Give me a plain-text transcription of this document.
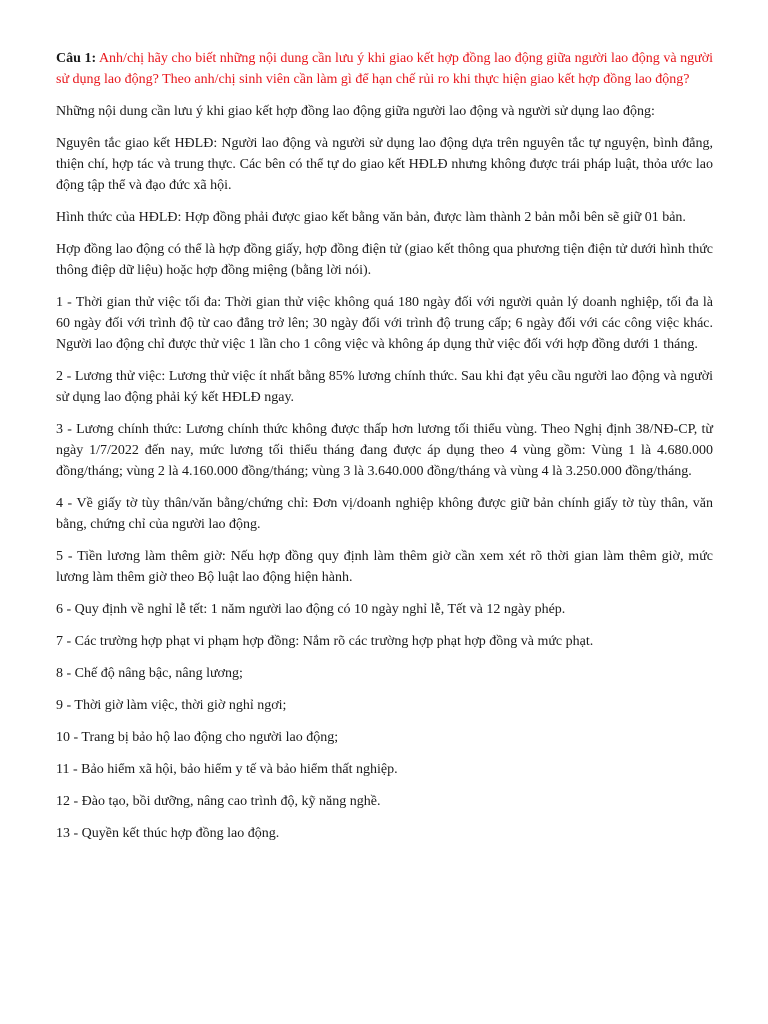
Câu 1: Anh/chị hãy cho biết những nội dung cần lưu ý khi giao kết hợp đồng lao động giữa người lao động và người sử dụng lao động? Theo anh/chị sinh viên cần làm gì để hạn chế rủi ro khi thực hiện giao kết hợp đồng lao động?

Những nội dung cần lưu ý khi giao kết hợp đồng lao động giữa người lao động và người sử dụng lao động:

Nguyên tắc giao kết HĐLĐ: Người lao động và người sử dụng lao động dựa trên nguyên tắc tự nguyện, bình đẳng, thiện chí, hợp tác và trung thực. Các bên có thể tự do giao kết HĐLĐ nhưng không được trái pháp luật, thỏa ước lao động tập thể và đạo đức xã hội.

Hình thức của HĐLĐ: Hợp đồng phải được giao kết bằng văn bản, được làm thành 2 bản mỗi bên sẽ giữ 01 bản.

Hợp đồng lao động có thể là hợp đồng giấy, hợp đồng điện tử (giao kết thông qua phương tiện điện tử dưới hình thức thông điệp dữ liệu) hoặc hợp đồng miệng (bằng lời nói).

1 - Thời gian thử việc tối đa: Thời gian thử việc không quá 180 ngày đối với người quản lý doanh nghiệp, tối đa là 60 ngày đối với trình độ từ cao đẳng trở lên; 30 ngày đối với trình độ trung cấp; 6 ngày đối với các công việc khác. Người lao động chỉ được thử việc 1 lần cho 1 công việc và không áp dụng thử việc đối với hợp đồng dưới 1 tháng.

2 - Lương thử việc: Lương thử việc ít nhất bằng 85% lương chính thức. Sau khi đạt yêu cầu người lao động và người sử dụng lao động phải ký kết HĐLĐ ngay.

3 - Lương chính thức: Lương chính thức không được thấp hơn lương tối thiểu vùng. Theo Nghị định 38/NĐ-CP, từ ngày 1/7/2022 đến nay, mức lương tối thiểu tháng đang được áp dụng theo 4 vùng gồm: Vùng 1 là 4.680.000 đồng/tháng; vùng 2 là 4.160.000 đồng/tháng; vùng 3 là 3.640.000 đồng/tháng và vùng 4 là 3.250.000 đồng/tháng.

4 - Về giấy tờ tùy thân/văn bằng/chứng chỉ: Đơn vị/doanh nghiệp không được giữ bản chính giấy tờ tùy thân, văn bằng, chứng chỉ của người lao động.

5 - Tiền lương làm thêm giờ: Nếu hợp đồng quy định làm thêm giờ cần xem xét rõ thời gian làm thêm giờ, mức lương làm thêm giờ theo Bộ luật lao động hiện hành.

6 - Quy định về nghỉ lễ tết: 1 năm người lao động có 10 ngày nghỉ lễ, Tết và 12 ngày phép.

7 - Các trường hợp phạt vi phạm hợp đồng: Nắm rõ các trường hợp phạt hợp đồng và mức phạt.

8 - Chế độ nâng bậc, nâng lương;

9 - Thời giờ làm việc, thời giờ nghỉ ngơi;

10 - Trang bị bảo hộ lao động cho người lao động;

11 - Bảo hiểm xã hội, bảo hiểm y tế và bảo hiểm thất nghiệp.

12 - Đào tạo, bồi dưỡng, nâng cao trình độ, kỹ năng nghề.

13 - Quyền kết thúc hợp đồng lao động.
